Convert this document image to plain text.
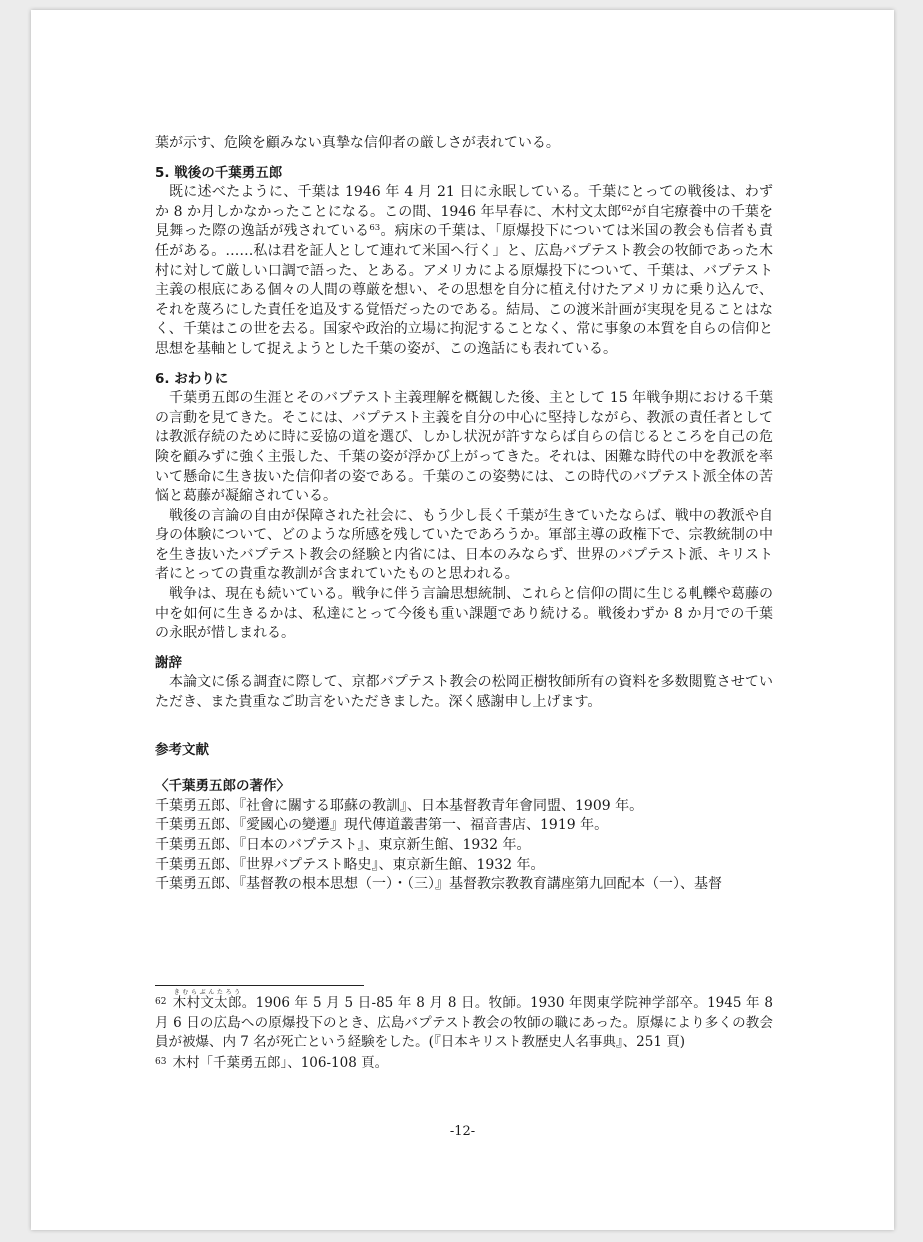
葉が示す、危険を顧みない真摯な信仰者の厳しさが表れている。

5. 戦後の千葉勇五郎

既に述べたように、千葉は 1946 年 4 月 21 日に永眠している。千葉にとっての戦後は、わずか 8 か月しかなかったことになる。この間、1946 年早春に、木村文太郎$^{62}$が自宅療養中の千葉を見舞った際の逸話が残されている$^{63}$。病床の千葉は、「原爆投下については米国の教会も信者も責任がある。……私は君を証人として連れて米国へ行く」と、広島バプテスト教会の牧師であった木村に対して厳しい口調で語った、とある。アメリカによる原爆投下について、千葉は、バプテスト主義の根底にある個々の人間の尊厳を想い、その思想を自分に植え付けたアメリカに乗り込んで、それを蔑ろにした責任を追及する覚悟だったのである。結局、この渡米計画が実現を見ることはなく、千葉はこの世を去る。国家や政治的立場に拘泥することなく、常に事象の本質を自らの信仰と思想を基軸として捉えようとした千葉の姿が、この逸話にも表れている。

6. おわりに

千葉勇五郎の生涯とそのバプテスト主義理解を概観した後、主として 15 年戦争期における千葉の言動を見てきた。そこには、バプテスト主義を自分の中心に堅持しながら、教派の責任者としては教派存続のために時に妥協の道を選び、しかし状況が許すならば自らの信じるところを自己の危険を顧みずに強く主張した、千葉の姿が浮かび上がってきた。それは、困難な時代の中を教派を率いて懸命に生き抜いた信仰者の姿である。千葉のこの姿勢には、この時代のバプテスト派全体の苦悩と葛藤が凝縮されている。

戦後の言論の自由が保障された社会に、もう少し長く千葉が生きていたならば、戦中の教派や自身の体験について、どのような所感を残していたであろうか。軍部主導の政権下で、宗教統制の中を生き抜いたバプテスト教会の経験と内省には、日本のみならず、世界のバプテスト派、キリスト者にとっての貴重な教訓が含まれていたものと思われる。

戦争は、現在も続いている。戦争に伴う言論思想統制、これらと信仰の間に生じる軋轢や葛藤の中を如何に生きるかは、私達にとって今後も重い課題であり続ける。戦後わずか 8 か月での千葉の永眠が惜しまれる。

謝辞

本論文に係る調査に際して、京都バプテスト教会の松岡正樹牧師所有の資料を多数閲覧させていただき、また貴重なご助言をいただきました。深く感謝申し上げます。

参考文献
〈千葉勇五郎の著作〉

千葉勇五郎、『社會に關する耶蘇の教訓』、日本基督教青年會同盟、1909 年。

千葉勇五郎、『愛國心の變遷』現代傳道叢書第一、福音書店、1919 年。

千葉勇五郎、『日本のバプテスト』、東京新生館、1932 年。

千葉勇五郎、『世界バプテスト略史』、東京新生館、1932 年。

千葉勇五郎、『基督教の根本思想（一）・（三）』基督教宗教教育講座第九回配本（一）、基督

$^{62}$ 木村文太郎きむらぶんたろう。1906 年 5 月 5 日-85 年 8 月 8 日。牧師。1930 年関東学院神学部卒。1945 年 8 月 6 日の広島への原爆投下のとき、広島バプテスト教会の牧師の職にあった。原爆により多くの教会員が被爆、内 7 名が死亡という経験をした。(『日本キリスト教歴史人名事典』、251 頁)

$^{63}$ 木村「千葉勇五郎」、106-108 頁。

-12-
